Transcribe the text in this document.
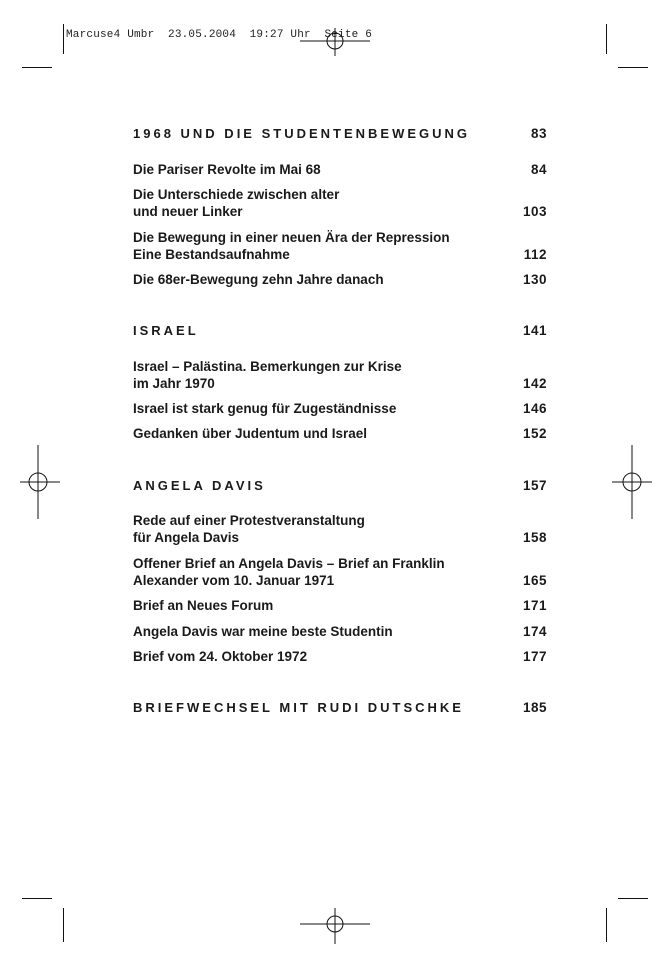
Marcuse4 Umbr  23.05.2004  19:27 Uhr  Seite 6
1968 UND DIE STUDENTENBEWEGUNG	83
Die Pariser Revolte im Mai 68	84
Die Unterschiede zwischen alter
und neuer Linker	103
Die Bewegung in einer neuen Ära der Repression
Eine Bestandsaufnahme	112
Die 68er-Bewegung zehn Jahre danach	130
ISRAEL	141
Israel – Palästina. Bemerkungen zur Krise
im Jahr 1970	142
Israel ist stark genug für Zugeständnisse	146
Gedanken über Judentum und Israel	152
ANGELA DAVIS	157
Rede auf einer Protestveranstaltung
für Angela Davis	158
Offener Brief an Angela Davis – Brief an Franklin
Alexander vom 10. Januar 1971	165
Brief an Neues Forum	171
Angela Davis war meine beste Studentin	174
Brief vom 24. Oktober 1972	177
BRIEFWECHSEL MIT RUDI DUTSCHKE	185
